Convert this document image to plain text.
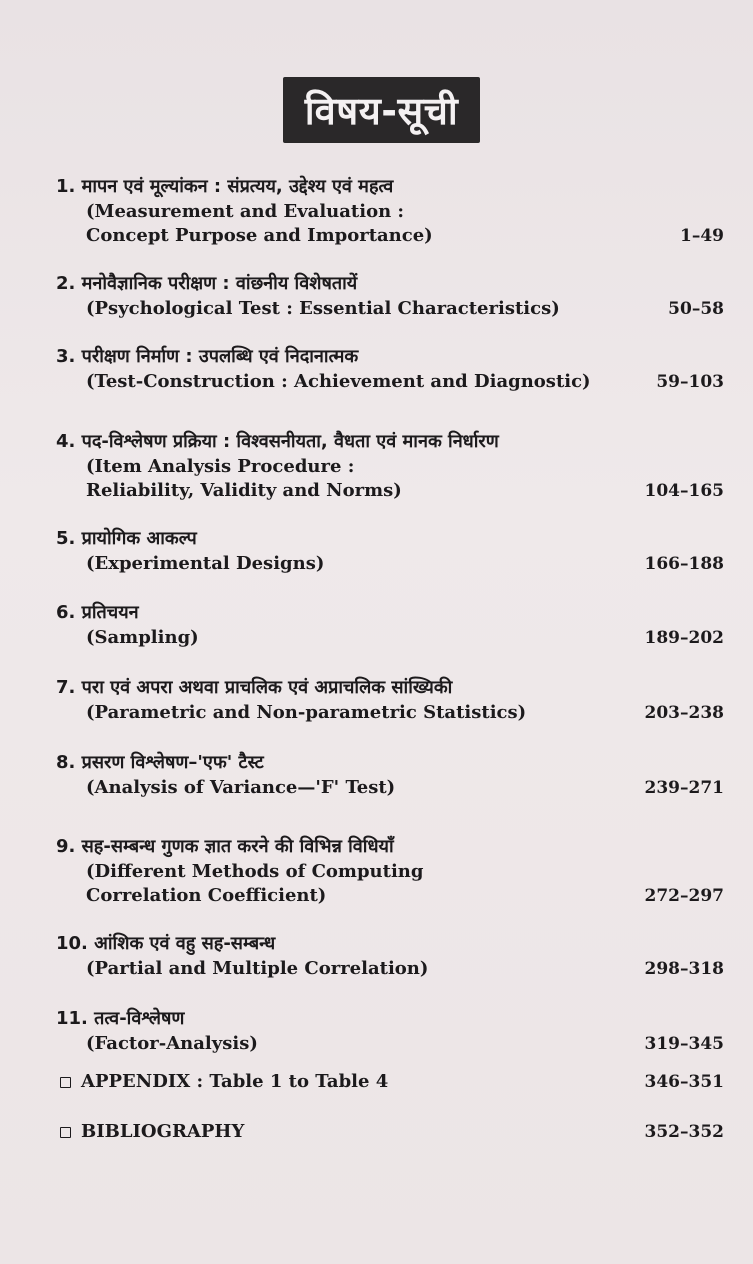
विषय-सूची
1. मापन एवं मूल्यांकन : संप्रत्यय, उद्देश्य एवं महत्व
(Measurement and Evaluation :
Concept Purpose and Importance)	1–49
2. मनोवैज्ञानिक परीक्षण : वांछनीय विशेषतायें
(Psychological Test : Essential Characteristics)	50–58
3. परीक्षण निर्माण : उपलब्धि एवं निदानात्मक
(Test-Construction : Achievement and Diagnostic)	59–103
4. पद-विश्लेषण प्रक्रिया : विश्वसनीयता, वैधता एवं मानक निर्धारण
(Item Analysis Procedure :
Reliability, Validity and Norms)	104–165
5. प्रायोगिक आकल्प
(Experimental Designs)	166–188
6. प्रतिचयन
(Sampling)	189–202
7. परा एवं अपरा अथवा प्राचलिक एवं अप्राचलिक सांख्यिकी
(Parametric and Non-parametric Statistics)	203–238
8. प्रसरण विश्लेषण–'एफ' टैस्ट
(Analysis of Variance—'F' Test)	239–271
9. सह-सम्बन्ध गुणक ज्ञात करने की विभिन्न विधियाँ
(Different Methods of Computing
Correlation Coefficient)	272–297
10. आंशिक एवं वहु सह-सम्बन्ध
(Partial and Multiple Correlation)	298–318
11. तत्व-विश्लेषण
(Factor-Analysis)	319–345
APPENDIX : Table 1 to Table 4	346–351
BIBLIOGRAPHY	352–352
